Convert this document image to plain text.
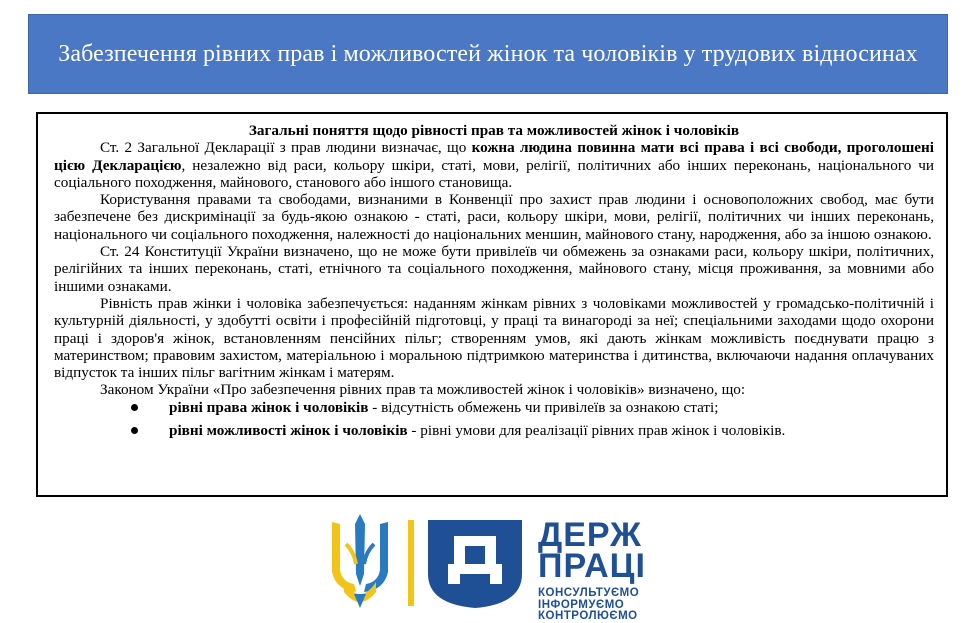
Забезпечення рівних прав і можливостей жінок та чоловіків у трудових відносинах

Загальні поняття щодо рівності прав та можливостей жінок і чоловіків

Ст. 2 Загальної Декларації з прав людини визначає, що кожна людина повинна мати всі права і всі свободи, проголошені цією Декларацією, незалежно від раси, кольору шкіри, статі, мови, релігії, політичних або інших переконань, національного чи соціального походження, майнового, станового або іншого становища.

Користування правами та свободами, визнаними в Конвенції про захист прав людини і основоположних свобод, має бути забезпечене без дискримінації за будь-якою ознакою - статі, раси, кольору шкіри, мови, релігії, політичних чи інших переконань, національного чи соціального походження, належності до національних меншин, майнового стану, народження, або за іншою ознакою.

Ст. 24 Конституції України визначено, що не може бути привілеїв чи обмежень за ознаками раси, кольору шкіри, політичних, релігійних та інших переконань, статі, етнічного та соціального походження, майнового стану, місця проживання, за мовними або іншими ознаками.

Рівність прав жінки і чоловіка забезпечується: наданням жінкам рівних з чоловіками можливостей у громадсько-політичній і культурній діяльності, у здобутті освіти і професійній підготовці, у праці та винагороді за неї; спеціальними заходами щодо охорони праці і здоров'я жінок, встановленням пенсійних пільг; створенням умов, які дають жінкам можливість поєднувати працю з материнством; правовим захистом, матеріальною і моральною підтримкою материнства і дитинства, включаючи надання оплачуваних відпусток та інших пільг вагітним жінкам і матерям.

Законом України «Про забезпечення рівних прав та можливостей жінок і чоловіків» визначено, що:

рівні права жінок і чоловіків - відсутність обмежень чи привілеїв за ознакою статі;
рівні можливості жінок і чоловіків - рівні умови для реалізації рівних прав жінок і чоловіків.
ДЕРЖ
ПРАЦІ
КОНСУЛЬТУЄМО
ІНФОРМУЄМО
КОНТРОЛЮЄМО
